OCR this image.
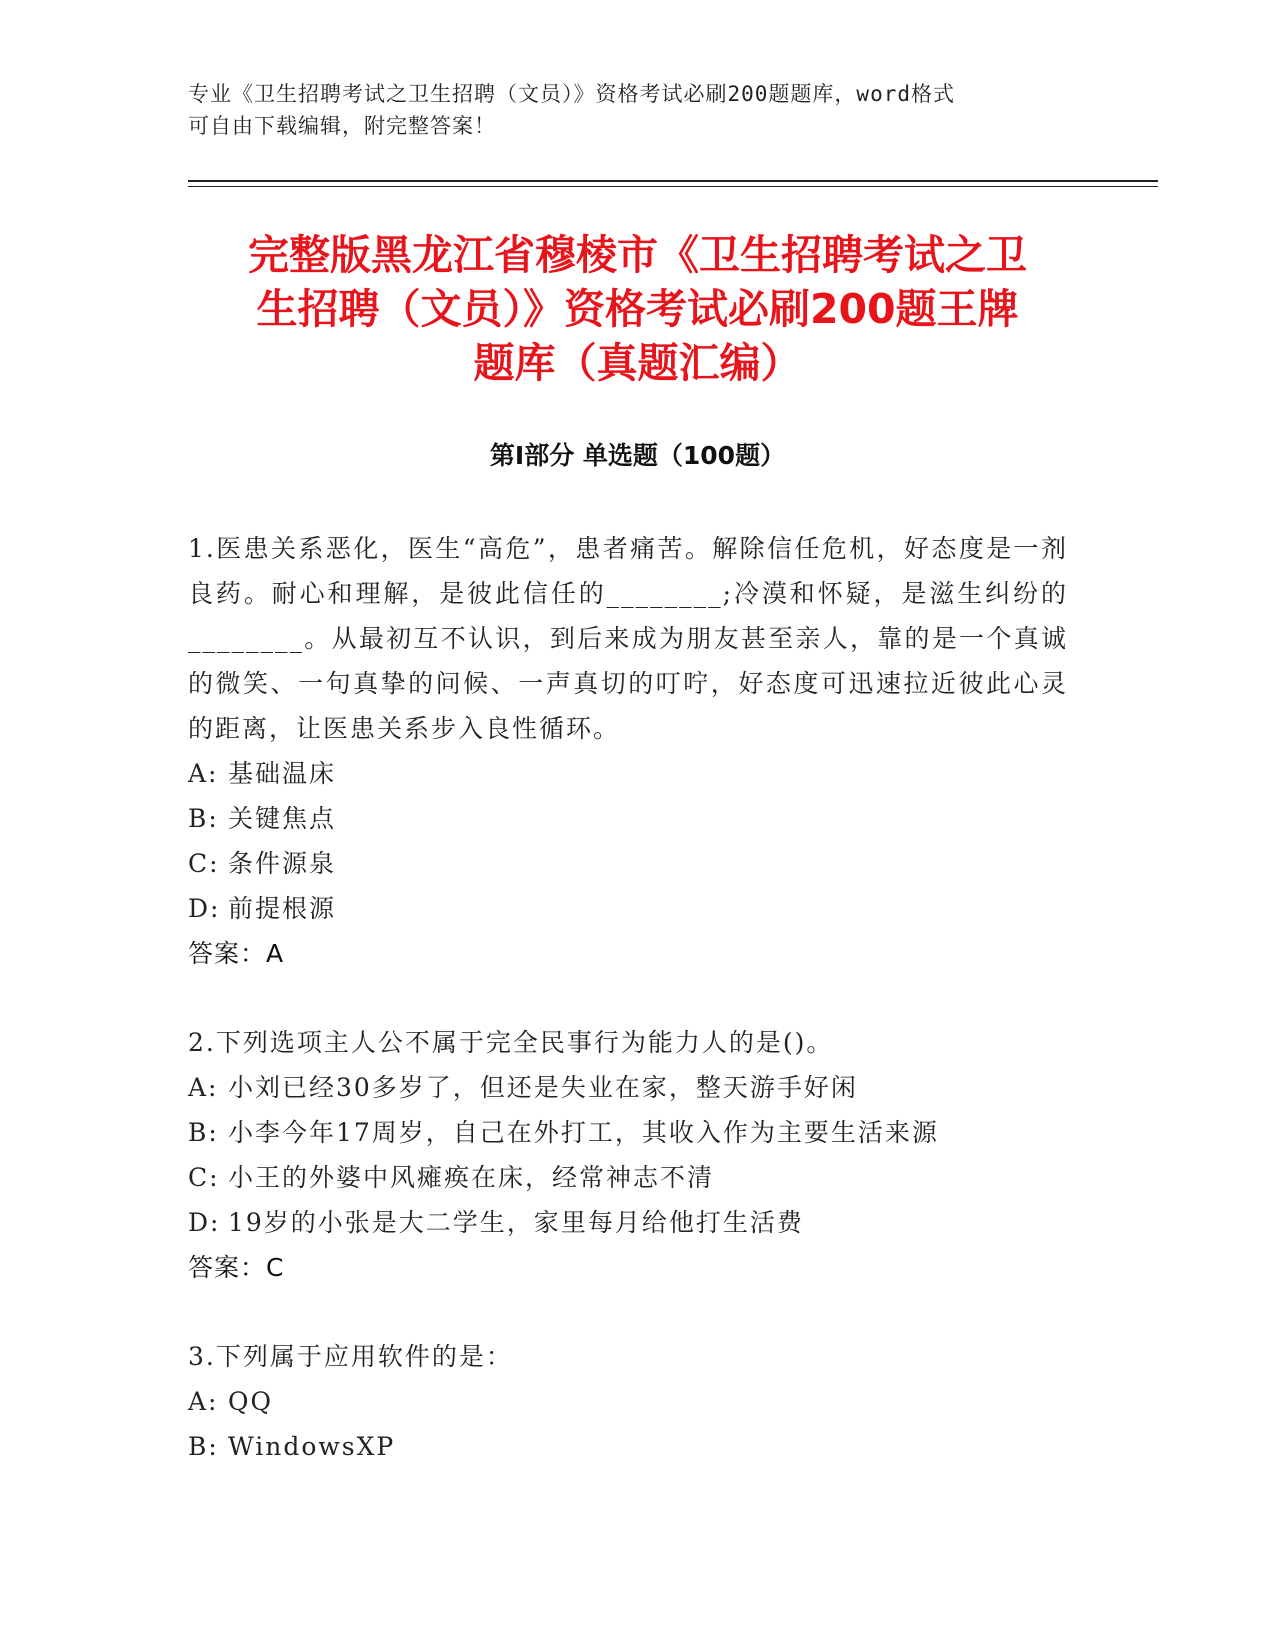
专业《卫生招聘考试之卫生招聘（文员）》资格考试必刷200题题库，word格式
可自由下载编辑，附完整答案！
完整版黑龙江省穆棱市《卫生招聘考试之卫
生招聘（文员）》资格考试必刷200题王牌
题库（真题汇编）
第Ⅰ部分 单选题（100题）

1.医患关系恶化，医生“高危”，患者痛苦。解除信任危机，好态度是一剂良药。耐心和理解，是彼此信任的________;冷漠和怀疑，是滋生纠纷的________。从最初互不认识，到后来成为朋友甚至亲人，靠的是一个真诚的微笑、一句真挚的问候、一声真切的叮咛，好态度可迅速拉近彼此心灵的距离，让医患关系步入良性循环。

A: 基础温床

B: 关键焦点

C: 条件源泉

D: 前提根源

答案：A

2.下列选项主人公不属于完全民事行为能力人的是()。

A: 小刘已经30多岁了，但还是失业在家，整天游手好闲

B: 小李今年17周岁，自己在外打工，其收入作为主要生活来源

C: 小王的外婆中风瘫痪在床，经常神志不清

D: 19岁的小张是大二学生，家里每月给他打生活费

答案：C

3.下列属于应用软件的是：

A: QQ

B: WindowsXP
